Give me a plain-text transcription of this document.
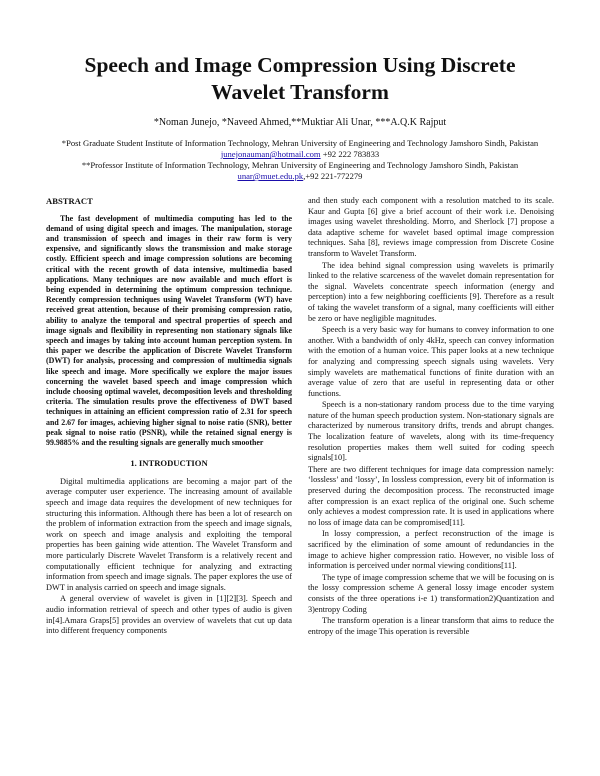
Speech and Image Compression Using Discrete Wavelet Transform
*Noman Junejo, *Naveed Ahmed,**Muktiar Ali Unar, ***A.Q.K Rajput

*Post Graduate Student Institute of Information Technology, Mehran University of Engineering and Technology Jamshoro Sindh, Pakistan

junejonauman@hotmail.com +92 222 783833

**Professor Institute of Information Technology, Mehran University of Engineering and Technology Jamshoro Sindh, Pakistan

unar@muet.edu.pk,+92 221-772279

ABSTRACT

The fast development of multimedia computing has led to the demand of using digital speech and images. The manipulation, storage and transmission of speech and images in their raw form is very expensive, and significantly slows the transmission and make storage costly. Efficient speech and image compression solutions are becoming critical with the recent growth of data intensive, multimedia based applications. Many techniques are now available and much effort is being expended in determining the optimum compression technique. Recently compression techniques using Wavelet Transform (WT) have received great attention, because of their promising compression ratio, ability to analyze the temporal and spectral properties of speech and image signals and flexibility in representing non stationary signals like speech and images by taking into account human perception system. In this paper we describe the application of Discrete Wavelet Transform (DWT) for analysis, processing and compression of multimedia signals like speech and image. More specifically we explore the major issues concerning the wavelet based speech and image compression which include choosing optimal wavelet, decomposition levels and thresholding criteria. The simulation results prove the effectiveness of DWT based techniques in attaining an efficient compression ratio of 2.31 for speech and 2.67 for images, achieving higher signal to noise ratio (SNR), better peak signal to noise ratio (PSNR), while the retained signal energy is 99.9885% and the resulting signals are generally much smoother

1. INTRODUCTION

Digital multimedia applications are becoming a major part of the average computer user experience. The increasing amount of available speech and image data requires the development of new techniques for structuring this information. Although there has been a lot of research on the problem of information extraction from the speech and image signals, work on speech and image analysis and exploiting the temporal properties has been gaining wide attention. The Wavelet Transform and more particularly Discrete Wavelet Transform is a relatively recent and computationally efficient technique for analyzing and extracting information from speech and image signals. The paper explores the use of DWT in analysis carried on speech and image signals.

A general overview of wavelet is given in [1][2][3]. Speech and audio information retrieval of speech and other types of audio is given in[4].Amara Graps[5] provides an overview of wavelets that cut up data into different frequency components

and then study each component with a resolution matched to its scale. Kaur and Gupta [6] give a brief account of their work i.e. Denoising images using wavelet thresholding. Morro, and Sherlock [7] propose a data adaptive scheme for wavelet based optimal image compression techniques. Saha [8], reviews image compression from Discrete Cosine transform to Wavelet Transform.

The idea behind signal compression using wavelets is primarily linked to the relative scarceness of the wavelet domain representation for the signal. Wavelets concentrate speech information (energy and perception) into a few neighboring coefficients [9]. Therefore as a result of taking the wavelet transform of a signal, many coefficients will either be zero or have negligible magnitudes.

Speech is a very basic way for humans to convey information to one another. With a bandwidth of only 4kHz, speech can convey information with the emotion of a human voice. This paper looks at a new technique for analyzing and compressing speech signals using wavelets. Very simply wavelets are mathematical functions of finite duration with an average value of zero that are useful in representing data or other functions.

Speech is a non-stationary random process due to the time varying nature of the human speech production system. Non-stationary signals are characterized by numerous transitory drifts, trends and abrupt changes. The localization feature of wavelets, along with its time-frequency resolution properties makes them well suited for coding speech signals[10].

There are two different techniques for image data compression namely: ‘lossless’ and ‘lossy’, In lossless compression, every bit of information is preserved during the decomposition process. The reconstructed image after compression is an exact replica of the original one. Such scheme only achieves a modest compression rate. It is used in applications where no loss of image data can be compromised[11].

In lossy compression, a perfect reconstruction of the image is sacrificed by the elimination of some amount of redundancies in the image to achieve higher compression ratio. However, no visible loss of information is perceived under normal viewing conditions[11].

The type of image compression scheme that we will be focusing on is the lossy compression scheme A general lossy image encoder system consists of the three operations i-e 1) transformation2)Quantization and 3)entropy Coding

The transform operation is a linear transform that aims to reduce the entropy of the image This operation is reversible
